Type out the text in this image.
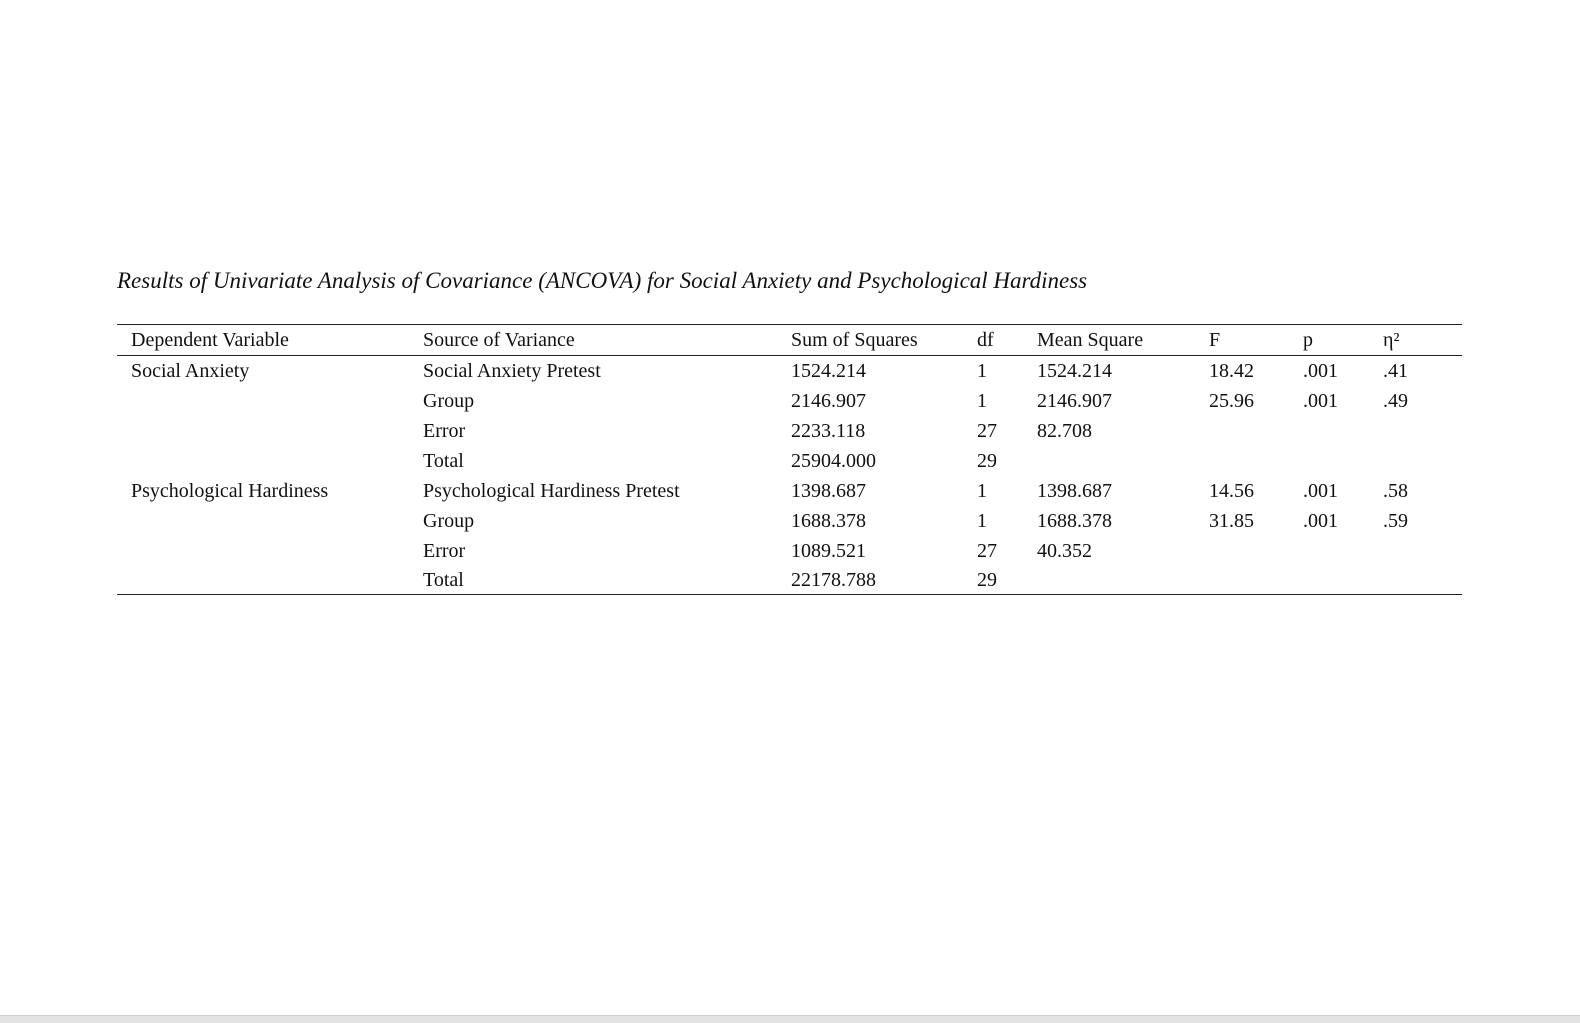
Results of Univariate Analysis of Covariance (ANCOVA) for Social Anxiety and Psychological Hardiness
Dependent Variable	Source of Variance	Sum of Squares	df	Mean Square	F	p	η²
Social Anxiety	Social Anxiety Pretest	1524.214	1	1524.214	18.42	.001	.41
	Group	2146.907	1	2146.907	25.96	.001	.49
	Error	2233.118	27	82.708			
	Total	25904.000	29				
Psychological Hardiness	Psychological Hardiness Pretest	1398.687	1	1398.687	14.56	.001	.58
	Group	1688.378	1	1688.378	31.85	.001	.59
	Error	1089.521	27	40.352			
	Total	22178.788	29				
